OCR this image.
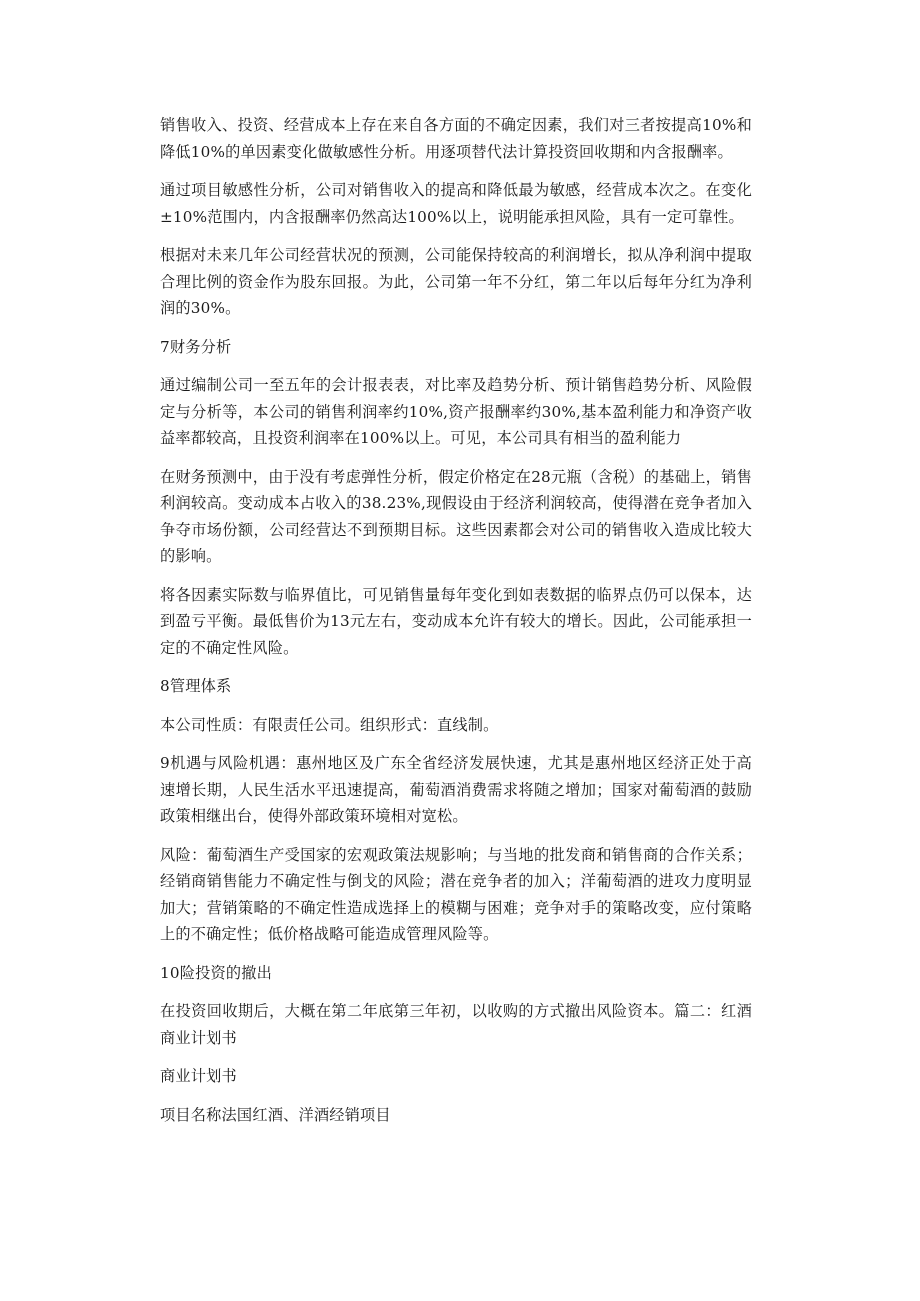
销售收入、投资、经营成本上存在来自各方面的不确定因素，我们对三者按提高10%和降低10%的单因素变化做敏感性分析。用逐项替代法计算投资回收期和内含报酬率。

通过项目敏感性分析，公司对销售收入的提高和降低最为敏感，经营成本次之。在变化±10%范围内，内含报酬率仍然高达100%以上，说明能承担风险，具有一定可靠性。

根据对未来几年公司经营状况的预测，公司能保持较高的利润增长，拟从净利润中提取合理比例的资金作为股东回报。为此，公司第一年不分红，第二年以后每年分红为净利润的30%。

7财务分析

通过编制公司一至五年的会计报表表，对比率及趋势分析、预计销售趋势分析、风险假定与分析等，本公司的销售利润率约10%,资产报酬率约30%,基本盈利能力和净资产收益率都较高，且投资利润率在100%以上。可见，本公司具有相当的盈利能力

在财务预测中，由于没有考虑弹性分析，假定价格定在28元瓶（含税）的基础上，销售利润较高。变动成本占收入的38.23%,现假设由于经济利润较高，使得潜在竞争者加入争夺市场份额，公司经营达不到预期目标。这些因素都会对公司的销售收入造成比较大的影响。

将各因素实际数与临界值比，可见销售量每年变化到如表数据的临界点仍可以保本，达到盈亏平衡。最低售价为13元左右，变动成本允许有较大的增长。因此，公司能承担一定的不确定性风险。

8管理体系

本公司性质：有限责任公司。组织形式：直线制。

9机遇与风险机遇：惠州地区及广东全省经济发展快速，尤其是惠州地区经济正处于高速增长期，人民生活水平迅速提高，葡萄酒消费需求将随之增加；国家对葡萄酒的鼓励政策相继出台，使得外部政策环境相对宽松。

风险：葡萄酒生产受国家的宏观政策法规影响；与当地的批发商和销售商的合作关系；经销商销售能力不确定性与倒戈的风险；潜在竞争者的加入；洋葡萄酒的进攻力度明显加大；营销策略的不确定性造成选择上的模糊与困难；竞争对手的策略改变，应付策略上的不确定性；低价格战略可能造成管理风险等。

10险投资的撤出

在投资回收期后，大概在第二年底第三年初，以收购的方式撤出风险资本。篇二：红酒商业计划书

商业计划书

项目名称法国红酒、洋酒经销项目
